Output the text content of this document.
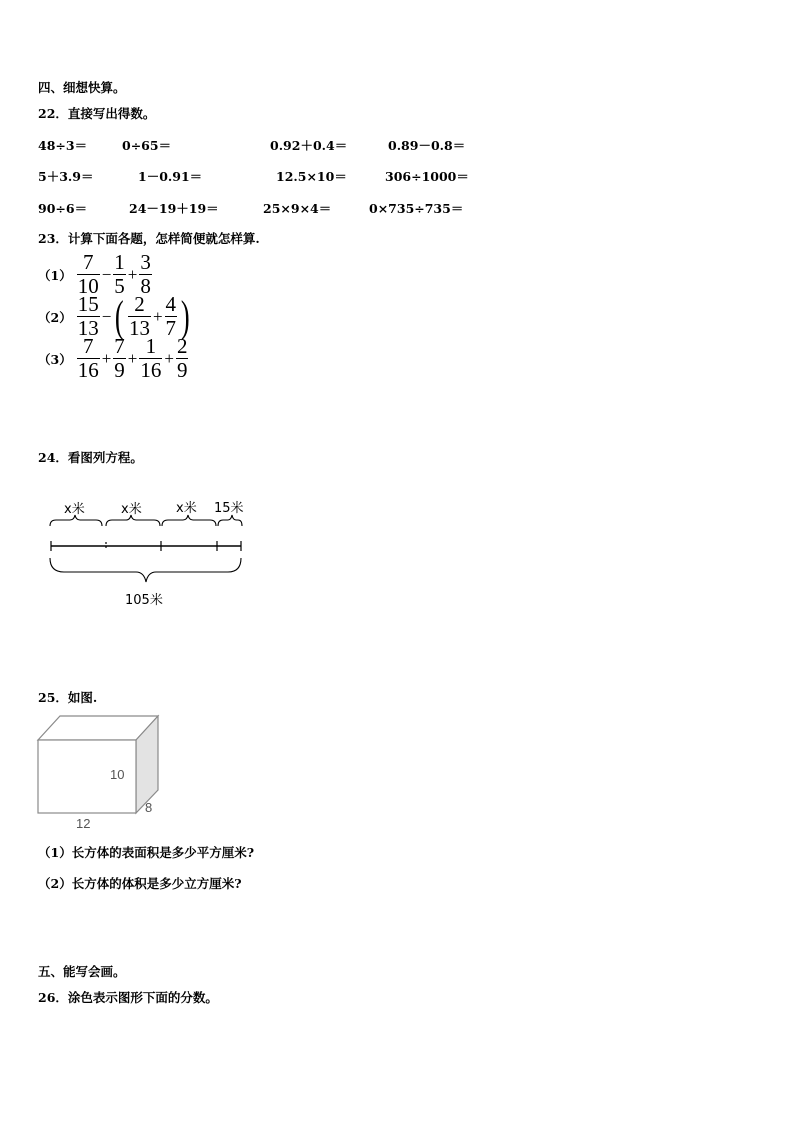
四、细想快算。
22．直接写出得数。
48÷3＝	0÷65＝	0.92＋0.4＝	0.89－0.8＝
5＋3.9＝	1－0.91＝	12.5×10＝	306÷1000＝
90÷6＝	24－19＋19＝	25×9×4＝	0×735÷735＝
23．计算下面各题，怎样简便就怎样算.
$(1) \frac{7}{10} - \frac{1}{5} + \frac{3}{8}$
$(2) \frac{15}{13}$ − ( $\frac{2}{13} + \frac{4}{7}$ )
$(3) \frac{7}{16} + \frac{7}{9} + \frac{1}{16} + \frac{2}{9}$
24．看图列方程。
x米	x米	x米 15米
105米
25．如图.
10
8
12
（1）长方体的表面积是多少平方厘米?
（2）长方体的体积是多少立方厘米?
五、能写会画。
26．涂色表示图形下面的分数。
